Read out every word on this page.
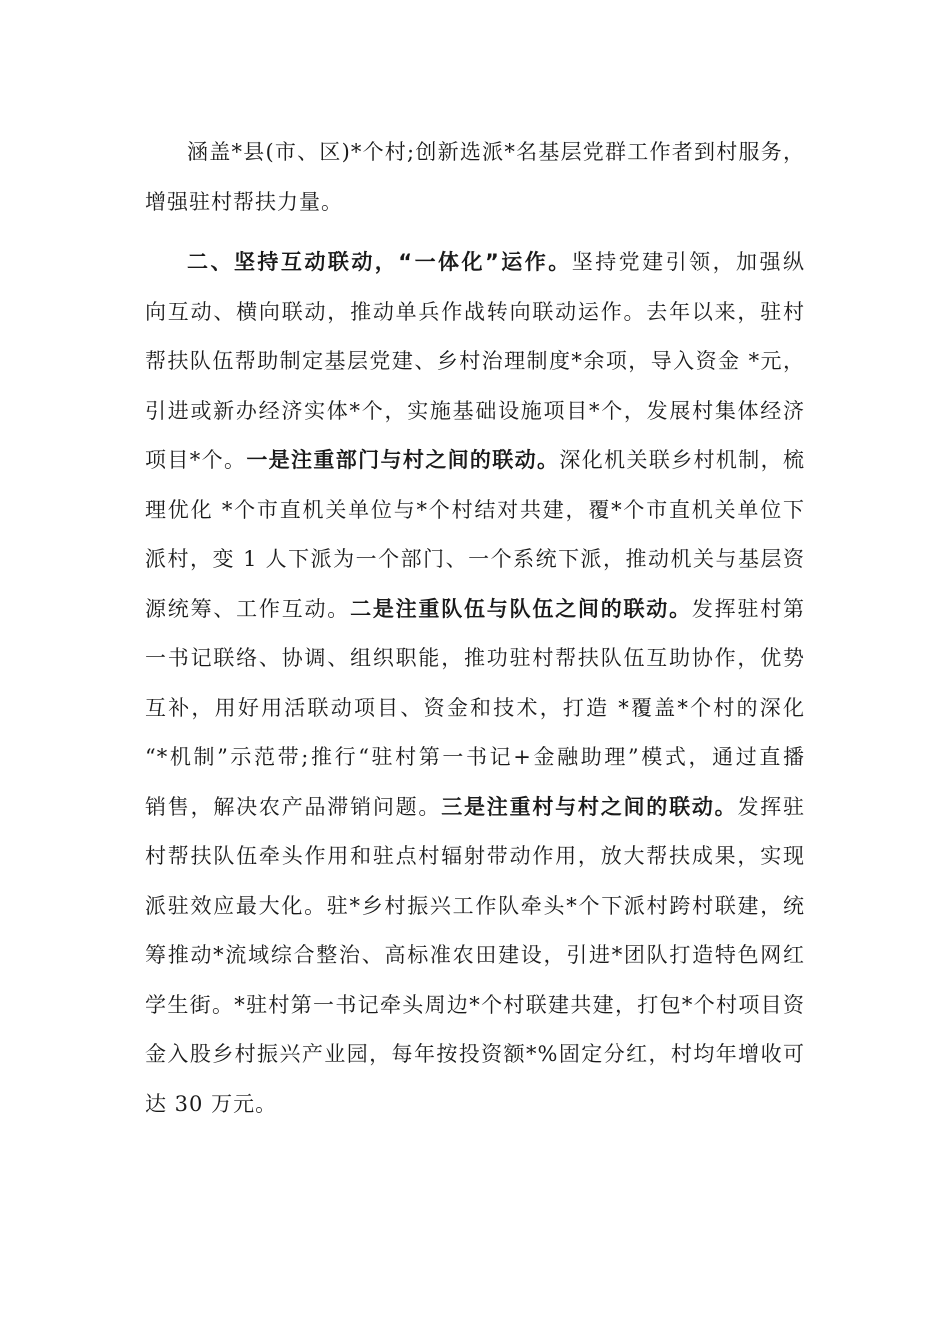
涵盖*县(市、区)*个村;创新选派*名基层党群工作者到村服务，
增强驻村帮扶力量。
二、坚持互动联动，“一体化”运作。坚持党建引领，加强纵
向互动、横向联动，推动单兵作战转向联动运作。去年以来，驻村
帮扶队伍帮助制定基层党建、乡村治理制度*余项，导入资金 *元，
引进或新办经济实体*个，实施基础设施项目*个，发展村集体经济
项目*个。一是注重部门与村之间的联动。深化机关联乡村机制，梳
理优化 *个市直机关单位与*个村结对共建，覆*个市直机关单位下
派村，变 1 人下派为一个部门、一个系统下派，推动机关与基层资
源统筹、工作互动。二是注重队伍与队伍之间的联动。发挥驻村第
一书记联络、协调、组织职能，推功驻村帮扶队伍互助协作，优势
互补，用好用活联动项目、资金和技术，打造 *覆盖*个村的深化
“*机制”示范带;推行“驻村第一书记+金融助理”模式，通过直播
销售，解决农产品滞销问题。三是注重村与村之间的联动。发挥驻
村帮扶队伍牵头作用和驻点村辐射带动作用，放大帮扶成果，实现
派驻效应最大化。驻*乡村振兴工作队牵头*个下派村跨村联建，统
筹推动*流域综合整治、高标准农田建设，引进*团队打造特色网红
学生街。*驻村第一书记牵头周边*个村联建共建，打包*个村项目资
金入股乡村振兴产业园，每年按投资额*%固定分红，村均年增收可
达 30 万元。
